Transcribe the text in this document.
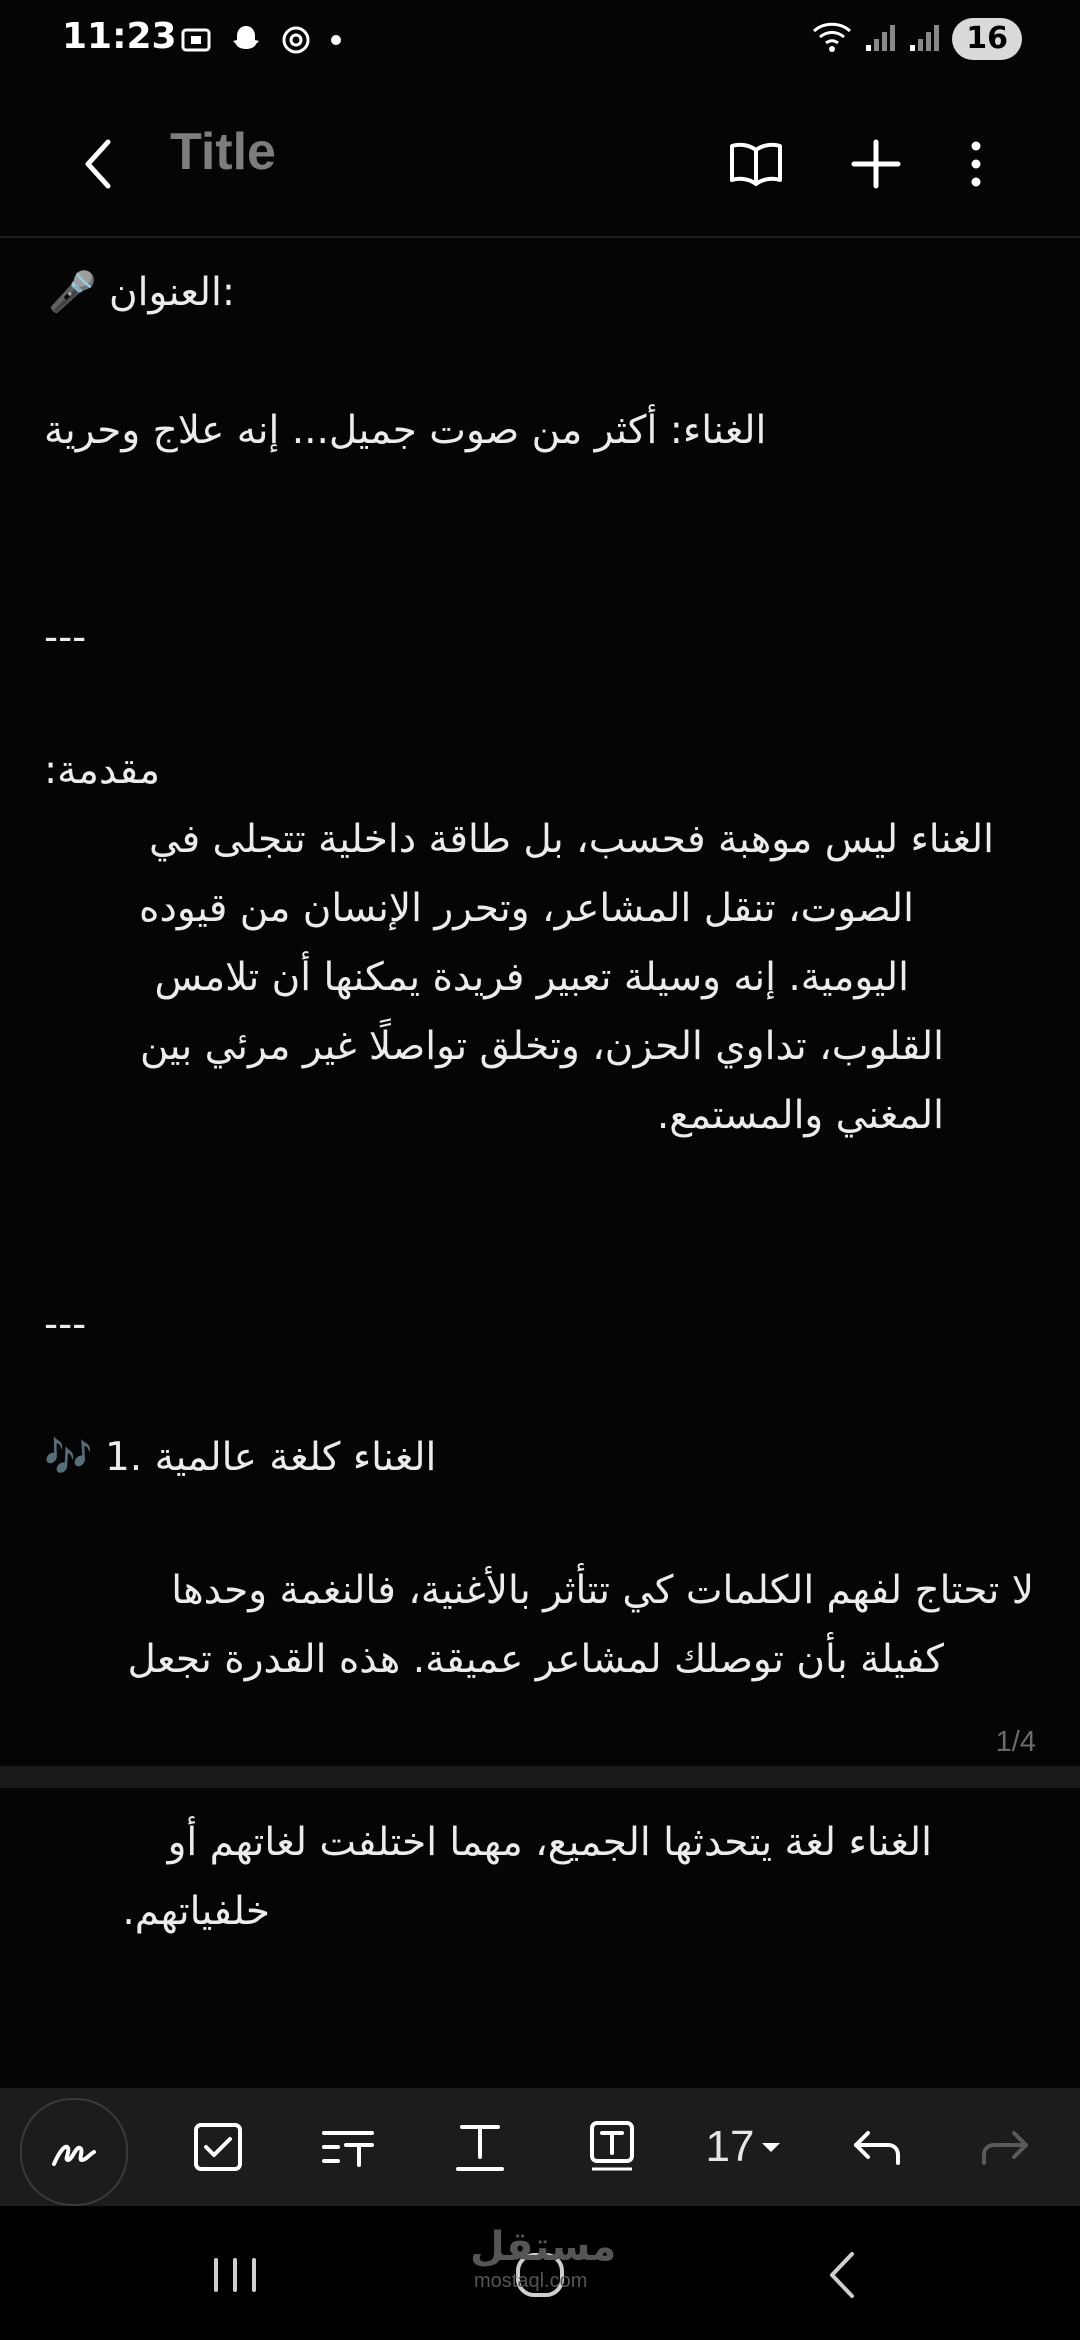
11:23	16
Title
🎤 العنوان:
الغناء: أكثر من صوت جميل... إنه علاج وحرية
---
مقدمة:
الغناء ليس موهبة فحسب، بل طاقة داخلية تتجلى في
الصوت، تنقل المشاعر، وتحرر الإنسان من قيوده
اليومية. إنه وسيلة تعبير فريدة يمكنها أن تلامس
القلوب، تداوي الحزن، وتخلق تواصلًا غير مرئي بين
المغني والمستمع.
---
🎶 1. الغناء كلغة عالمية
لا تحتاج لفهم الكلمات كي تتأثر بالأغنية، فالنغمة وحدها
كفيلة بأن توصلك لمشاعر عميقة. هذه القدرة تجعل
1/4
الغناء لغة يتحدثها الجميع، مهما اختلفت لغاتهم أو
خلفياتهم.
17
مستقل
mostaql.com
